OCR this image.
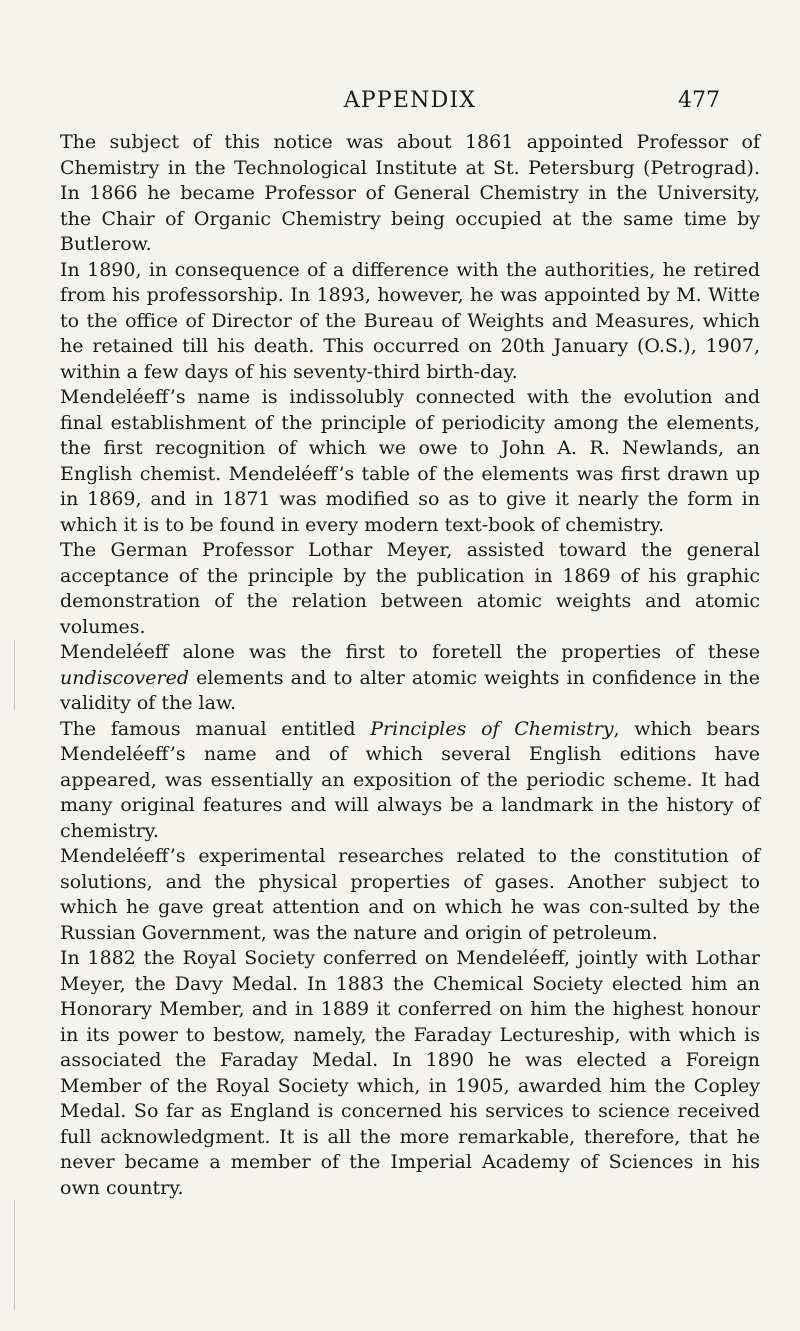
APPENDIX	477

The subject of this notice was about 1861 appointed Professor of Chemistry in the Technological Institute at St. Petersburg (Petrograd). In 1866 he became Professor of General Chemistry in the University, the Chair of Organic Chemistry being occupied at the same time by Butlerow.

In 1890, in consequence of a difference with the authorities, he retired from his professorship. In 1893, however, he was appointed by M. Witte to the office of Director of the Bureau of Weights and Measures, which he retained till his death. This occurred on 20th January (O.S.), 1907, within a few days of his seventy-third birth-day.

Mendeléeff’s name is indissolubly connected with the evolution and final establishment of the principle of periodicity among the elements, the first recognition of which we owe to John A. R. Newlands, an English chemist. Mendeléeff’s table of the elements was first drawn up in 1869, and in 1871 was modified so as to give it nearly the form in which it is to be found in every modern text-book of chemistry.

The German Professor Lothar Meyer, assisted toward the general acceptance of the principle by the publication in 1869 of his graphic demonstration of the relation between atomic weights and atomic volumes.

Mendeléeff alone was the first to foretell the properties of these undiscovered elements and to alter atomic weights in confidence in the validity of the law.

The famous manual entitled Principles of Chemistry, which bears Mendeléeff’s name and of which several English editions have appeared, was essentially an exposition of the periodic scheme. It had many original features and will always be a landmark in the history of chemistry.

Mendeléeff’s experimental researches related to the constitution of solutions, and the physical properties of gases. Another subject to which he gave great attention and on which he was con-sulted by the Russian Government, was the nature and origin of petroleum.

In 1882 the Royal Society conferred on Mendeléeff, jointly with Lothar Meyer, the Davy Medal. In 1883 the Chemical Society elected him an Honorary Member, and in 1889 it conferred on him the highest honour in its power to bestow, namely, the Faraday Lectureship, with which is associated the Faraday Medal. In 1890 he was elected a Foreign Member of the Royal Society which, in 1905, awarded him the Copley Medal. So far as England is concerned his services to science received full acknowledgment. It is all the more remarkable, therefore, that he never became a member of the Imperial Academy of Sciences in his own country.
